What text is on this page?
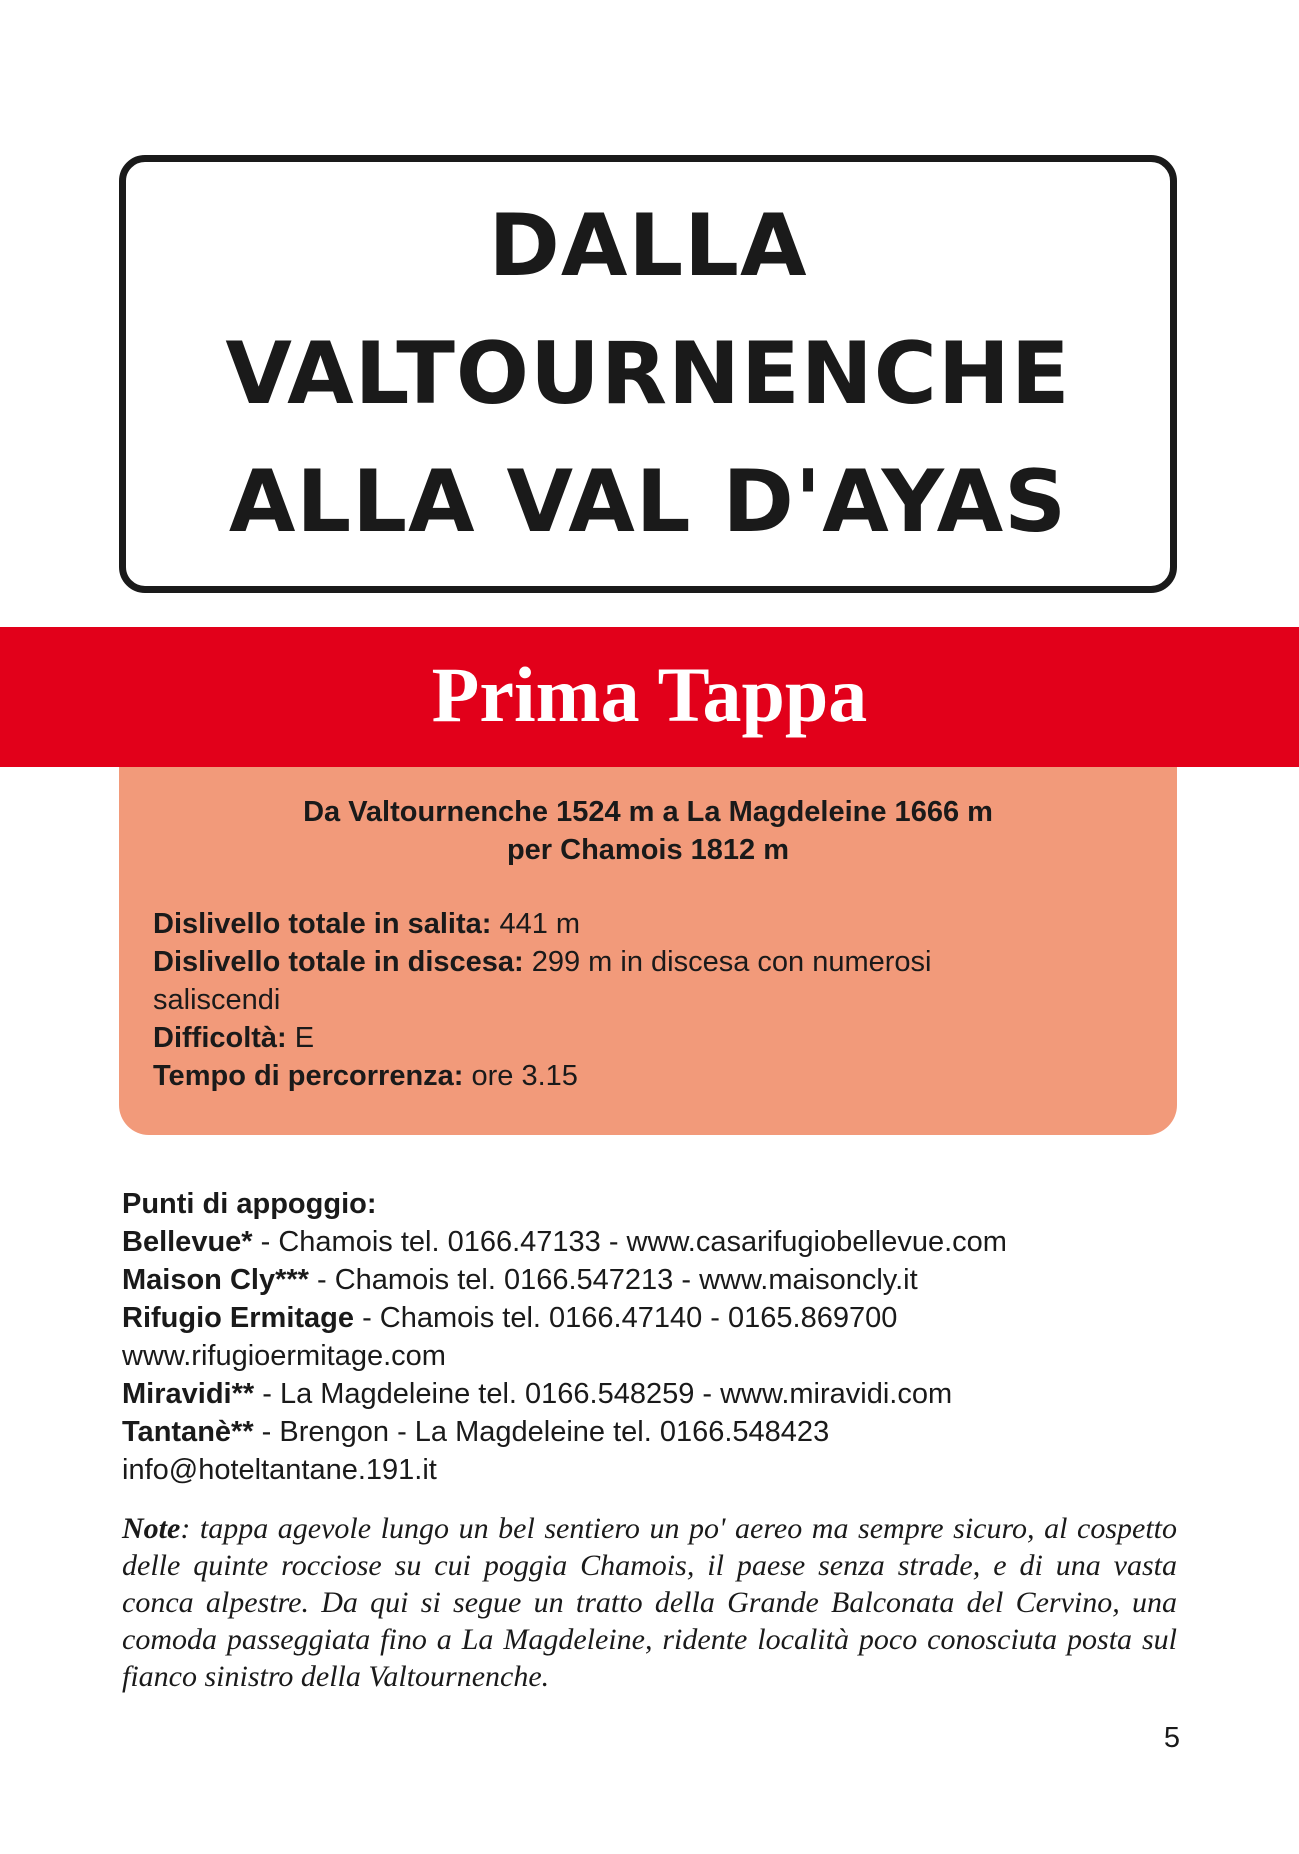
DALLA
VALTOURNENCHE
ALLA VAL D'AYAS
Prima Tappa
Da Valtournenche 1524 m a La Magdeleine 1666 m
per Chamois 1812 m
Dislivello totale in salita: 441 m
Dislivello totale in discesa: 299 m in discesa con numerosi
saliscendi
Difficoltà: E
Tempo di percorrenza: ore 3.15
Punti di appoggio:
Bellevue* - Chamois tel. 0166.47133 - www.casarifugiobellevue.com
Maison Cly*** - Chamois tel. 0166.547213 - www.maisoncly.it
Rifugio Ermitage - Chamois tel. 0166.47140 - 0165.869700
www.rifugioermitage.com
Miravidi** - La Magdeleine tel. 0166.548259 - www.miravidi.com
Tantanè** - Brengon - La Magdeleine tel. 0166.548423
info@hoteltantane.191.it
Note: tappa agevole lungo un bel sentiero un po' aereo ma sempre sicuro, al cospetto delle quinte rocciose su cui poggia Chamois, il paese senza strade, e di una vasta conca alpestre. Da qui si segue un tratto della Grande Balconata del Cervino, una comoda passeggiata fino a La Magdeleine, ridente località poco conosciuta posta sul fianco sinistro della Valtournenche.
5
